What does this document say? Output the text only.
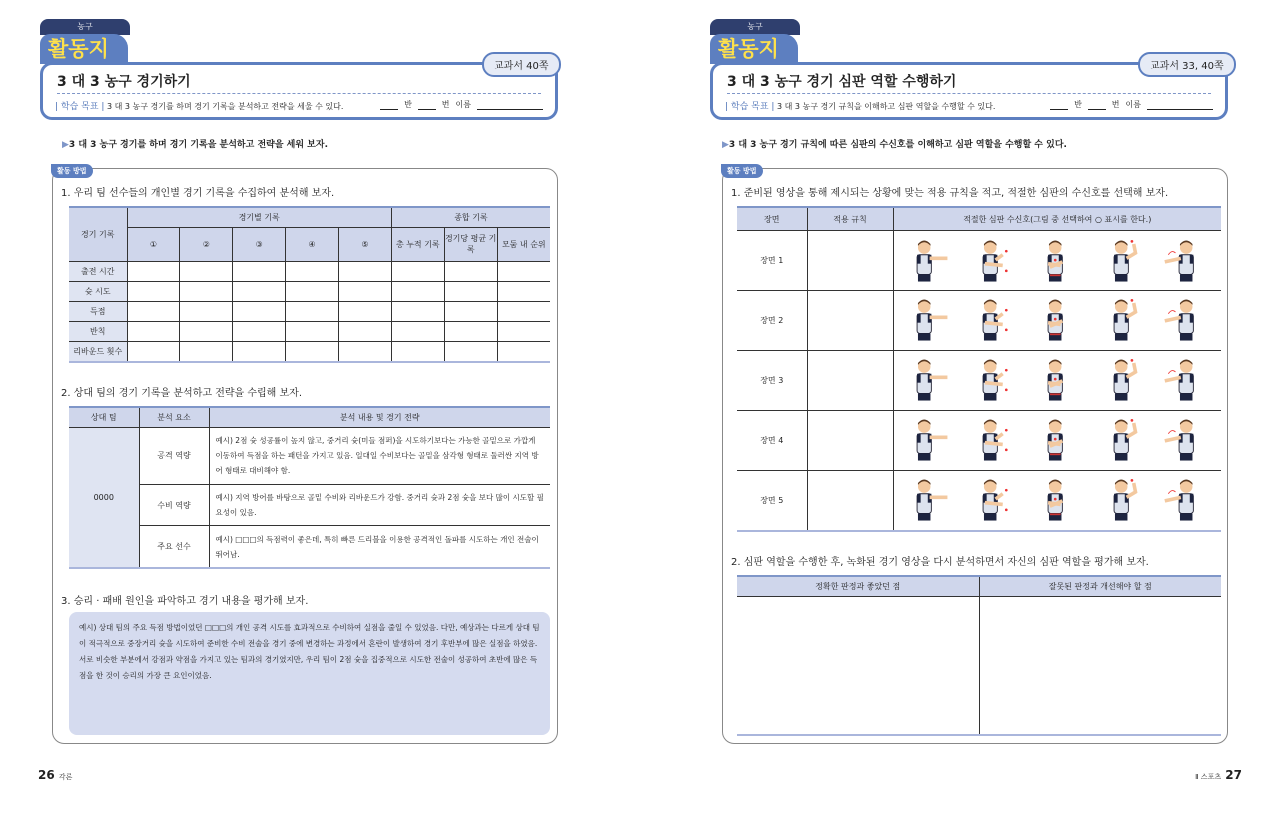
농구
활동지
3 대 3 농구 경기하기
| 학습 목표 | 3 대 3 농구 경기를 하며 경기 기록을 분석하고 전략을 세울 수 있다.	반	번 이름
교과서 40쪽
▶3 대 3 농구 경기를 하며 경기 기록을 분석하고 전략을 세워 보자.
활동 방법
1. 우리 팀 선수들의 개인별 경기 기록을 수집하여 분석해 보자.
경기 기록	경기별 기록					종합 기록		
	①	②	③	④	⑤	총 누적 기록	경기당 평균 기록	모둠 내 순위
출전 시간								
슛 시도								
득점								
반칙								
리바운드 횟수								
2. 상대 팀의 경기 기록을 분석하고 전략을 수립해 보자.
상대 팀	분석 요소	분석 내용 및 경기 전략
0000	공격 역량	예시) 2점 슛 성공률이 높지 않고, 중거리 슛(미들 점퍼)을 시도하기보다는 가능한 골밑으로 가깝게 이동하여 득점을 하는 패턴을 가지고 있음. 일대일 수비보다는 골밑을 삼각형 형태로 둘러싼 지역 방어 형태로 대비해야 함.
	수비 역량	예시) 지역 방어를 바탕으로 골밑 수비와 리바운드가 강함. 중거리 슛과 2점 슛을 보다 많이 시도할 필요성이 있음.
	주요 선수	예시) □□□의 득점력이 좋은데, 특히 빠른 드리블을 이용한 공격적인 돌파를 시도하는 개인 전술이 뛰어남.
3. 승리 · 패배 원인을 파악하고 경기 내용을 평가해 보자.
예시) 상대 팀의 주요 득점 방법이었던 □□□의 개인 공격 시도를 효과적으로 수비하여 실점을 줄일 수 있었음. 다만, 예상과는 다르게 상대 팀이 적극적으로 중장거리 슛을 시도하여 준비한 수비 전술을 경기 중에 변경하는 과정에서 혼란이 발생하여 경기 후반부에 많은 실점을 하였음. 서로 비슷한 부분에서 강점과 약점을 가지고 있는 팀과의 경기였지만, 우리 팀이 2점 슛을 집중적으로 시도한 전술이 성공하여 초반에 많은 득점을 한 것이 승리의 가장 큰 요인이었음.
26 각론
농구
활동지
3 대 3 농구 경기 심판 역할 수행하기
| 학습 목표 | 3 대 3 농구 경기 규칙을 이해하고 심판 역할을 수행할 수 있다.	반	번 이름
교과서 33, 40쪽
▶3 대 3 농구 경기 규칙에 따른 심판의 수신호를 이해하고 심판 역할을 수행할 수 있다.
활동 방법
1. 준비된 영상을 통해 제시되는 상황에 맞는 적용 규칙을 적고, 적절한 심판의 수신호를 선택해 보자.
장면	적용 규칙	적절한 심판 수신호(그림 중 선택하여 ○ 표시를 한다.)
장면 1		

장면 2		

장면 3		

장면 4		

장면 5		
2. 심판 역할을 수행한 후, 녹화된 경기 영상을 다시 분석하면서 자신의 심판 역할을 평가해 보자.
정확한 판정과 좋았던 점	잘못된 판정과 개선해야 할 점

Ⅱ 스포츠 27
